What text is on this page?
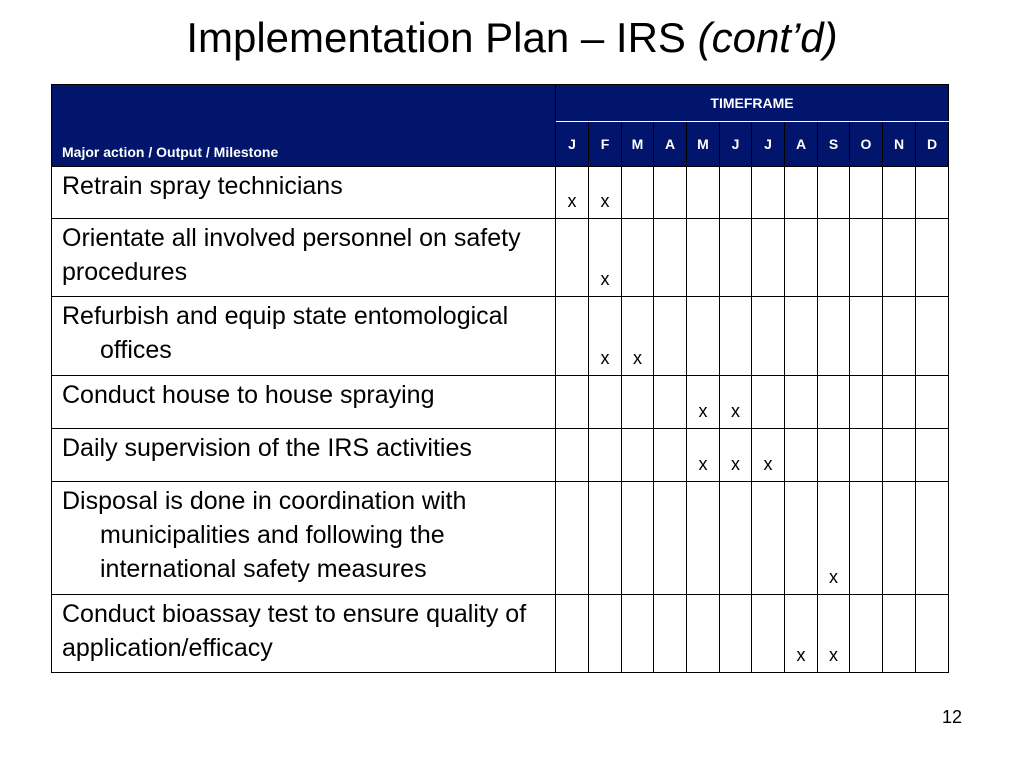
Implementation Plan – IRS (cont’d)
Major action / Output / Milestone	TIMEFRAME											
	J	F	M	A	M	J	J	A	S	O	N	D

Retrain spray technicians	x	x										

Orientate all involved personnel on safety procedures		x										

Refurbish and equip state entomological offices		x	x									

Conduct house to house spraying					x	x						

Daily supervision of the IRS activities					x	x	x					

Disposal is done in coordination with municipalities and following the international safety measures									x			

Conduct bioassay test to ensure quality of application/efficacy								x	x			
12
